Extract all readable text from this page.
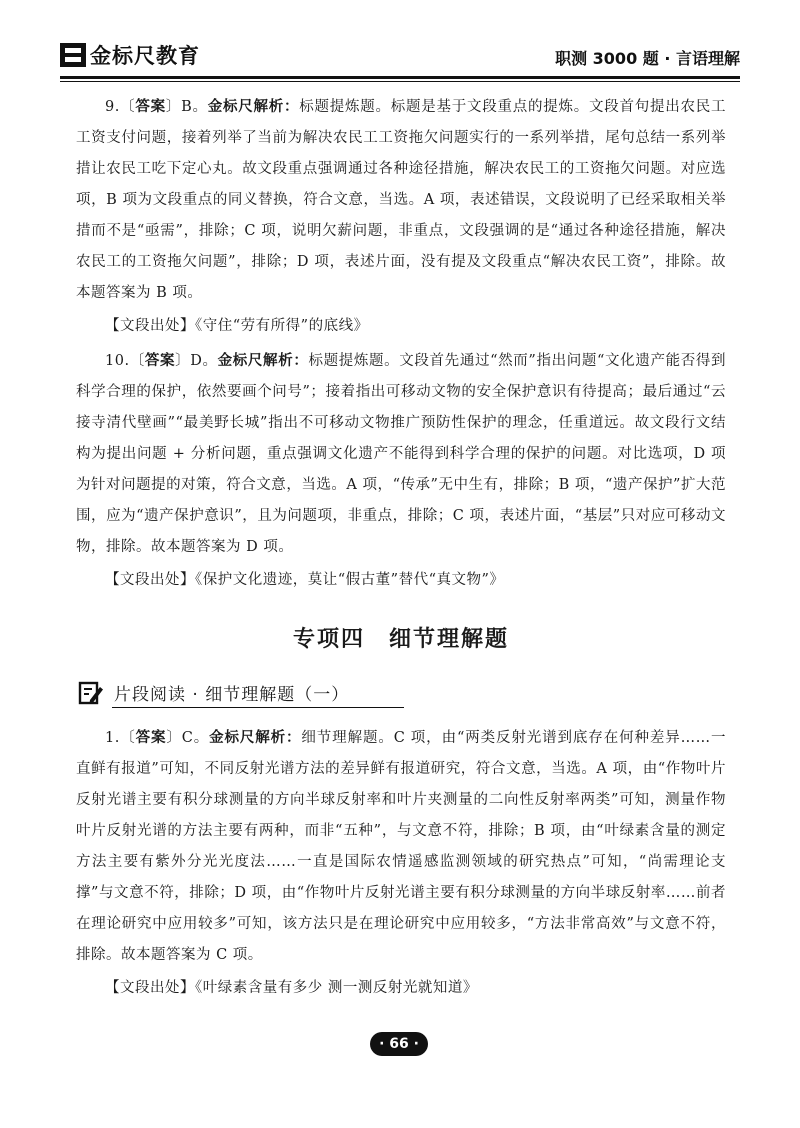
金标尺教育	职测 3000 题 · 言语理解

9.〔答案〕B。金标尺解析：标题提炼题。标题是基于文段重点的提炼。文段首句提出农民工工资支付问题，接着列举了当前为解决农民工工资拖欠问题实行的一系列举措，尾句总结一系列举措让农民工吃下定心丸。故文段重点强调通过各种途径措施，解决农民工的工资拖欠问题。对应选项，B 项为文段重点的同义替换，符合文意，当选。A 项，表述错误，文段说明了已经采取相关举措而不是“亟需”，排除；C 项，说明欠薪问题，非重点，文段强调的是“通过各种途径措施，解决农民工的工资拖欠问题”，排除；D 项，表述片面，没有提及文段重点“解决农民工资”，排除。故本题答案为 B 项。

【文段出处】《守住“劳有所得”的底线》

10.〔答案〕D。金标尺解析：标题提炼题。文段首先通过“然而”指出问题“文化遗产能否得到科学合理的保护，依然要画个问号”；接着指出可移动文物的安全保护意识有待提高；最后通过“云接寺清代壁画”“最美野长城”指出不可移动文物推广预防性保护的理念，任重道远。故文段行文结构为提出问题 + 分析问题，重点强调文化遗产不能得到科学合理的保护的问题。对比选项，D 项为针对问题提的对策，符合文意，当选。A 项，“传承”无中生有，排除；B 项，“遗产保护”扩大范围，应为“遗产保护意识”，且为问题项，非重点，排除；C 项，表述片面，“基层”只对应可移动文物，排除。故本题答案为 D 项。

【文段出处】《保护文化遗迹，莫让“假古董”替代“真文物”》

专项四　细节理解题
片段阅读 · 细节理解题（一）

1.〔答案〕C。金标尺解析：细节理解题。C 项，由“两类反射光谱到底存在何种差异……一直鲜有报道”可知，不同反射光谱方法的差异鲜有报道研究，符合文意，当选。A 项，由“作物叶片反射光谱主要有积分球测量的方向半球反射率和叶片夹测量的二向性反射率两类”可知，测量作物叶片反射光谱的方法主要有两种，而非“五种”，与文意不符，排除；B 项，由“叶绿素含量的测定方法主要有紫外分光光度法……一直是国际农情遥感监测领域的研究热点”可知，“尚需理论支撑”与文意不符，排除；D 项，由“作物叶片反射光谱主要有积分球测量的方向半球反射率……前者在理论研究中应用较多”可知，该方法只是在理论研究中应用较多，“方法非常高效”与文意不符，排除。故本题答案为 C 项。

【文段出处】《叶绿素含量有多少 测一测反射光就知道》

· 66 ·
